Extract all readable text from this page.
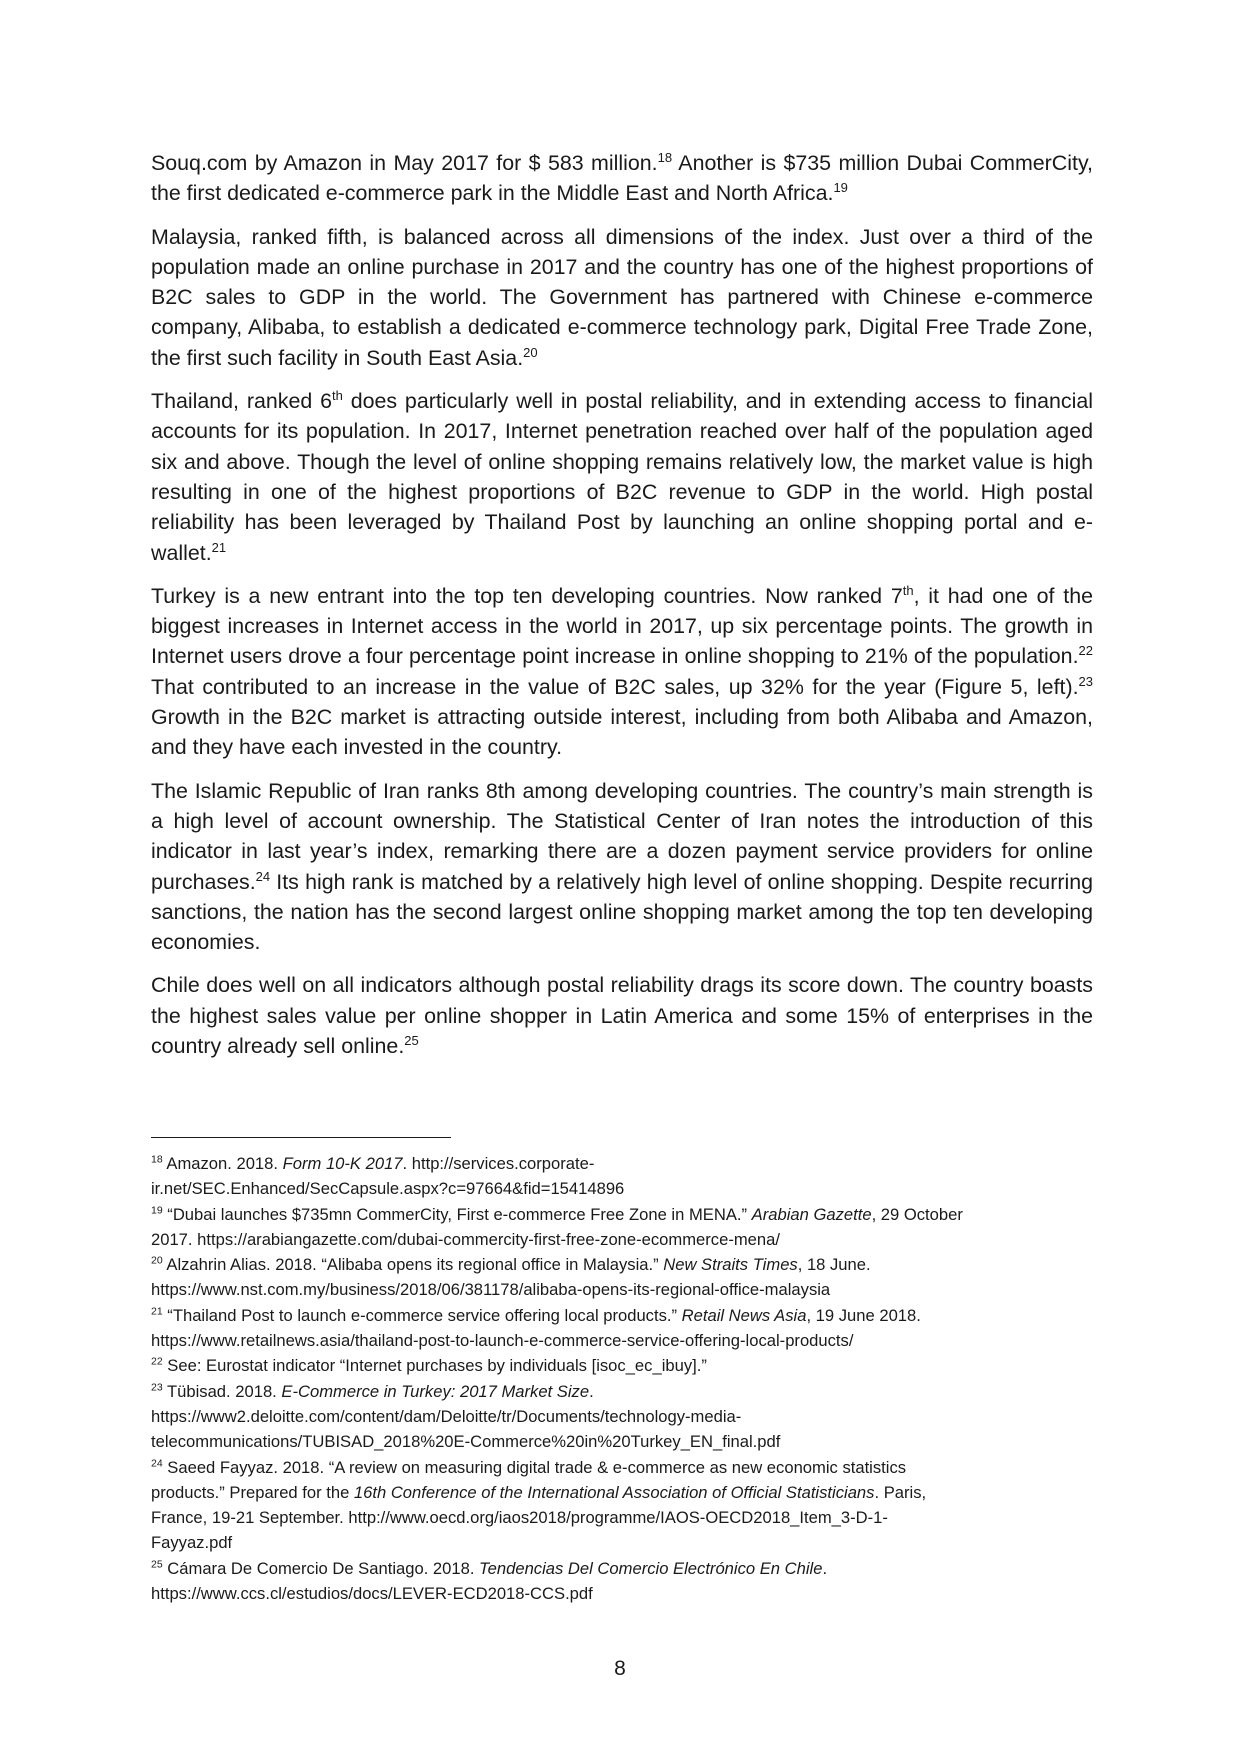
Souq.com by Amazon in May 2017 for $ 583 million.$^{18}$ Another is $735 million Dubai CommerCity, the first dedicated e-commerce park in the Middle East and North Africa.$^{19}$

Malaysia, ranked fifth, is balanced across all dimensions of the index. Just over a third of the population made an online purchase in 2017 and the country has one of the highest proportions of B2C sales to GDP in the world. The Government has partnered with Chinese e-commerce company, Alibaba, to establish a dedicated e-commerce technology park, Digital Free Trade Zone, the first such facility in South East Asia.$^{20}$

Thailand, ranked 6th does particularly well in postal reliability, and in extending access to financial accounts for its population. In 2017, Internet penetration reached over half of the population aged six and above. Though the level of online shopping remains relatively low, the market value is high resulting in one of the highest proportions of B2C revenue to GDP in the world. High postal reliability has been leveraged by Thailand Post by launching an online shopping portal and e-wallet.$^{21}$

Turkey is a new entrant into the top ten developing countries. Now ranked 7th, it had one of the biggest increases in Internet access in the world in 2017, up six percentage points. The growth in Internet users drove a four percentage point increase in online shopping to 21% of the population.$^{22}$ That contributed to an increase in the value of B2C sales, up 32% for the year (Figure 5, left).$^{23}$ Growth in the B2C market is attracting outside interest, including from both Alibaba and Amazon, and they have each invested in the country.

The Islamic Republic of Iran ranks 8th among developing countries. The country’s main strength is a high level of account ownership. The Statistical Center of Iran notes the introduction of this indicator in last year’s index, remarking there are a dozen payment service providers for online purchases.$^{24}$ Its high rank is matched by a relatively high level of online shopping. Despite recurring sanctions, the nation has the second largest online shopping market among the top ten developing economies.

Chile does well on all indicators although postal reliability drags its score down. The country boasts the highest sales value per online shopper in Latin America and some 15% of enterprises in the country already sell online.$^{25}$

$^{18}$ Amazon. 2018. Form 10-K 2017. http://services.corporate-
ir.net/SEC.Enhanced/SecCapsule.aspx?c=97664&fid=15414896

$^{19}$ “Dubai launches $735mn CommerCity, First e-commerce Free Zone in MENA.” Arabian Gazette, 29 October
2017. https://arabiangazette.com/dubai-commercity-first-free-zone-ecommerce-mena/

$^{20}$ Alzahrin Alias. 2018. “Alibaba opens its regional office in Malaysia.” New Straits Times, 18 June.
https://www.nst.com.my/business/2018/06/381178/alibaba-opens-its-regional-office-malaysia

$^{21}$ “Thailand Post to launch e-commerce service offering local products.” Retail News Asia, 19 June 2018.
https://www.retailnews.asia/thailand-post-to-launch-e-commerce-service-offering-local-products/

$^{22}$ See: Eurostat indicator “Internet purchases by individuals [isoc_ec_ibuy].”

$^{23}$ Tübisad. 2018. E-Commerce in Turkey: 2017 Market Size.
https://www2.deloitte.com/content/dam/Deloitte/tr/Documents/technology-media-
telecommunications/TUBISAD_2018%20E-Commerce%20in%20Turkey_EN_final.pdf

$^{24}$ Saeed Fayyaz. 2018. “A review on measuring digital trade & e-commerce as new economic statistics
products.” Prepared for the 16th Conference of the International Association of Official Statisticians. Paris,
France, 19-21 September. http://www.oecd.org/iaos2018/programme/IAOS-OECD2018_Item_3-D-1-
Fayyaz.pdf

$^{25}$ Cámara De Comercio De Santiago. 2018. Tendencias Del Comercio Electrónico En Chile.
https://www.ccs.cl/estudios/docs/LEVER-ECD2018-CCS.pdf

8
